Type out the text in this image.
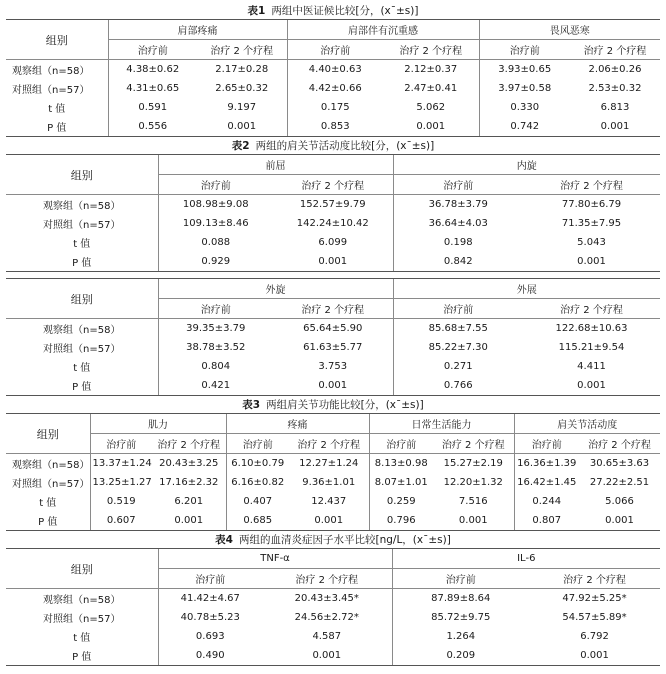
表1 两组中医证候比较[分，(x¯±s)]
组别	肩部疼痛		肩部伴有沉重感		畏风恶寒	
	治疗前	治疗 2 个疗程	治疗前	治疗 2 个疗程	治疗前	治疗 2 个疗程
观察组（n=58）	4.38±0.62	2.17±0.28	4.40±0.63	2.12±0.37	3.93±0.65	2.06±0.26
对照组（n=57）	4.31±0.65	2.65±0.32	4.42±0.66	2.47±0.41	3.97±0.58	2.53±0.32
t 值	0.591	9.197	0.175	5.062	0.330	6.813
P 值	0.556	0.001	0.853	0.001	0.742	0.001
表2 两组的肩关节活动度比较[分，(x¯±s)]
组别	前屈		内旋	
	治疗前	治疗 2 个疗程	治疗前	治疗 2 个疗程
观察组（n=58）	108.98±9.08	152.57±9.79	36.78±3.79	77.80±6.79
对照组（n=57）	109.13±8.46	142.24±10.42	36.64±4.03	71.35±7.95
t 值	0.088	6.099	0.198	5.043
P 值	0.929	0.001	0.842	0.001
组别	外旋		外展	
	治疗前	治疗 2 个疗程	治疗前	治疗 2 个疗程
观察组（n=58）	39.35±3.79	65.64±5.90	85.68±7.55	122.68±10.63
对照组（n=57）	38.78±3.52	61.63±5.77	85.22±7.30	115.21±9.54
t 值	0.804	3.753	0.271	4.411
P 值	0.421	0.001	0.766	0.001
表3 两组肩关节功能比较[分，(x¯±s)]
组别	肌力		疼痛		日常生活能力		肩关节活动度	
	治疗前	治疗 2 个疗程	治疗前	治疗 2 个疗程	治疗前	治疗 2 个疗程	治疗前	治疗 2 个疗程
观察组（n=58）	13.37±1.24	20.43±3.25	6.10±0.79	12.27±1.24	8.13±0.98	15.27±2.19	16.36±1.39	30.65±3.63
对照组（n=57）	13.25±1.27	17.16±2.32	6.16±0.82	9.36±1.01	8.07±1.01	12.20±1.32	16.42±1.45	27.22±2.51
t 值	0.519	6.201	0.407	12.437	0.259	7.516	0.244	5.066
P 值	0.607	0.001	0.685	0.001	0.796	0.001	0.807	0.001
表4 两组的血清炎症因子水平比较[ng/L，(x¯±s)]
组别	TNF-α		IL-6	
	治疗前	治疗 2 个疗程	治疗前	治疗 2 个疗程
观察组（n=58）	41.42±4.67	20.43±3.45*	87.89±8.64	47.92±5.25*
对照组（n=57）	40.78±5.23	24.56±2.72*	85.72±9.75	54.57±5.89*
t 值	0.693	4.587	1.264	6.792
P 值	0.490	0.001	0.209	0.001
